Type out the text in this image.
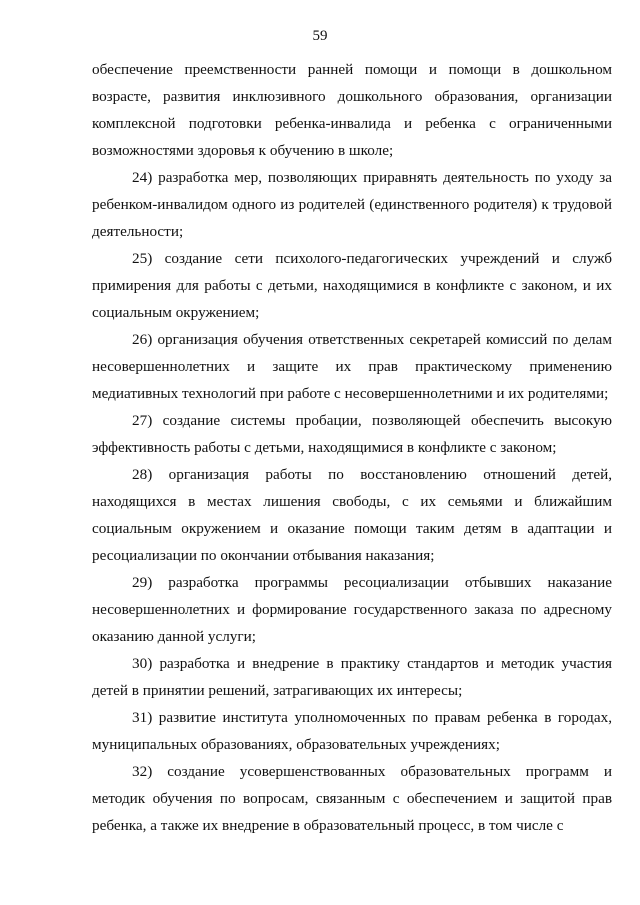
59

обеспечение преемственности ранней помощи и помощи в дошкольном возрасте, развития инклюзивного дошкольного образования, организации комплексной подготовки ребенка-инвалида и ребенка с ограниченными возможностями здоровья к обучению в школе;

24) разработка мер, позволяющих приравнять деятельность по уходу за ребенком-инвалидом одного из родителей (единственного родителя) к трудовой деятельности;

25) создание сети психолого-педагогических учреждений и служб примирения для работы с детьми, находящимися в конфликте с законом, и их социальным окружением;

26) организация обучения ответственных секретарей комиссий по делам несовершеннолетних и защите их прав практическому применению медиативных технологий при работе с несовершеннолетними и их родителями;

27) создание системы пробации, позволяющей обеспечить высокую эффективность работы с детьми, находящимися в конфликте с законом;

28) организация работы по восстановлению отношений детей, находящихся в местах лишения свободы, с их семьями и ближайшим социальным окружением и оказание помощи таким детям в адаптации и ресоциализации по окончании отбывания наказания;

29) разработка программы ресоциализации отбывших наказание несовершеннолетних и формирование государственного заказа по адресному оказанию данной услуги;

30) разработка и внедрение в практику стандартов и методик участия детей в принятии решений, затрагивающих их интересы;

31) развитие института уполномоченных по правам ребенка в городах, муниципальных образованиях, образовательных учреждениях;

32) создание усовершенствованных образовательных программ и методик обучения по вопросам, связанным с обеспечением и защитой прав ребенка, а также их внедрение в образовательный процесс, в том числе с
